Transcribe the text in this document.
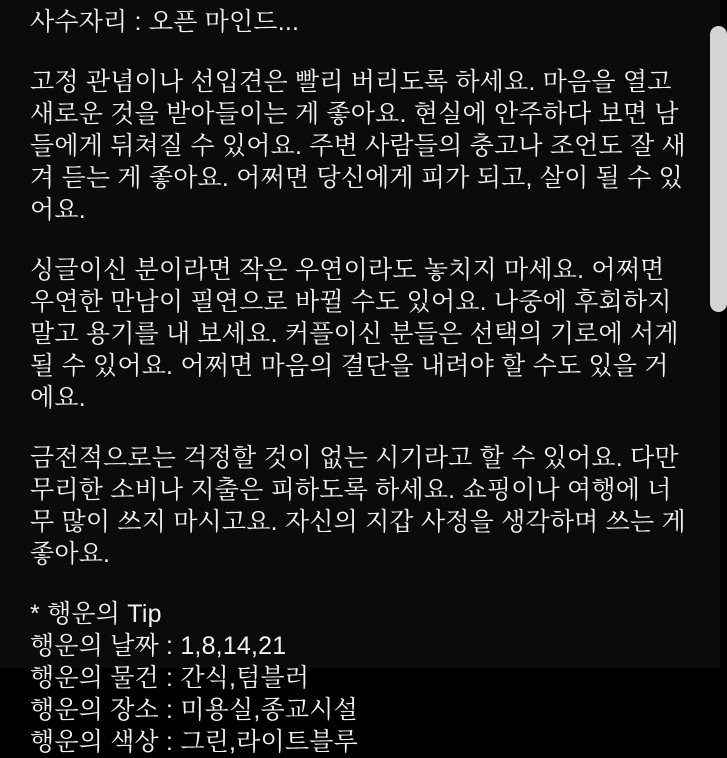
사수자리 : 오픈 마인드...

고정 관념이나 선입견은 빨리 버리도록 하세요. 마음을 열고 새로운 것을 받아들이는 게 좋아요. 현실에 안주하다 보면 남들에게 뒤쳐질 수 있어요. 주변 사람들의 충고나 조언도 잘 새겨 듣는 게 좋아요. 어쩌면 당신에게 피가 되고, 살이 될 수 있어요.

싱글이신 분이라면 작은 우연이라도 놓치지 마세요. 어쩌면 우연한 만남이 필연으로 바뀔 수도 있어요. 나중에 후회하지 말고 용기를 내 보세요. 커플이신 분들은 선택의 기로에 서게 될 수 있어요. 어쩌면 마음의 결단을 내려야 할 수도 있을 거에요.

금전적으로는 걱정할 것이 없는 시기라고 할 수 있어요. 다만 무리한 소비나 지출은 피하도록 하세요. 쇼핑이나 여행에 너무 많이 쓰지 마시고요. 자신의 지갑 사정을 생각하며 쓰는 게 좋아요.

* 행운의 Tip

행운의 날짜 : 1,8,14,21

행운의 물건 : 간식,텀블러

행운의 장소 : 미용실,종교시설

행운의 색상 : 그린,라이트블루
